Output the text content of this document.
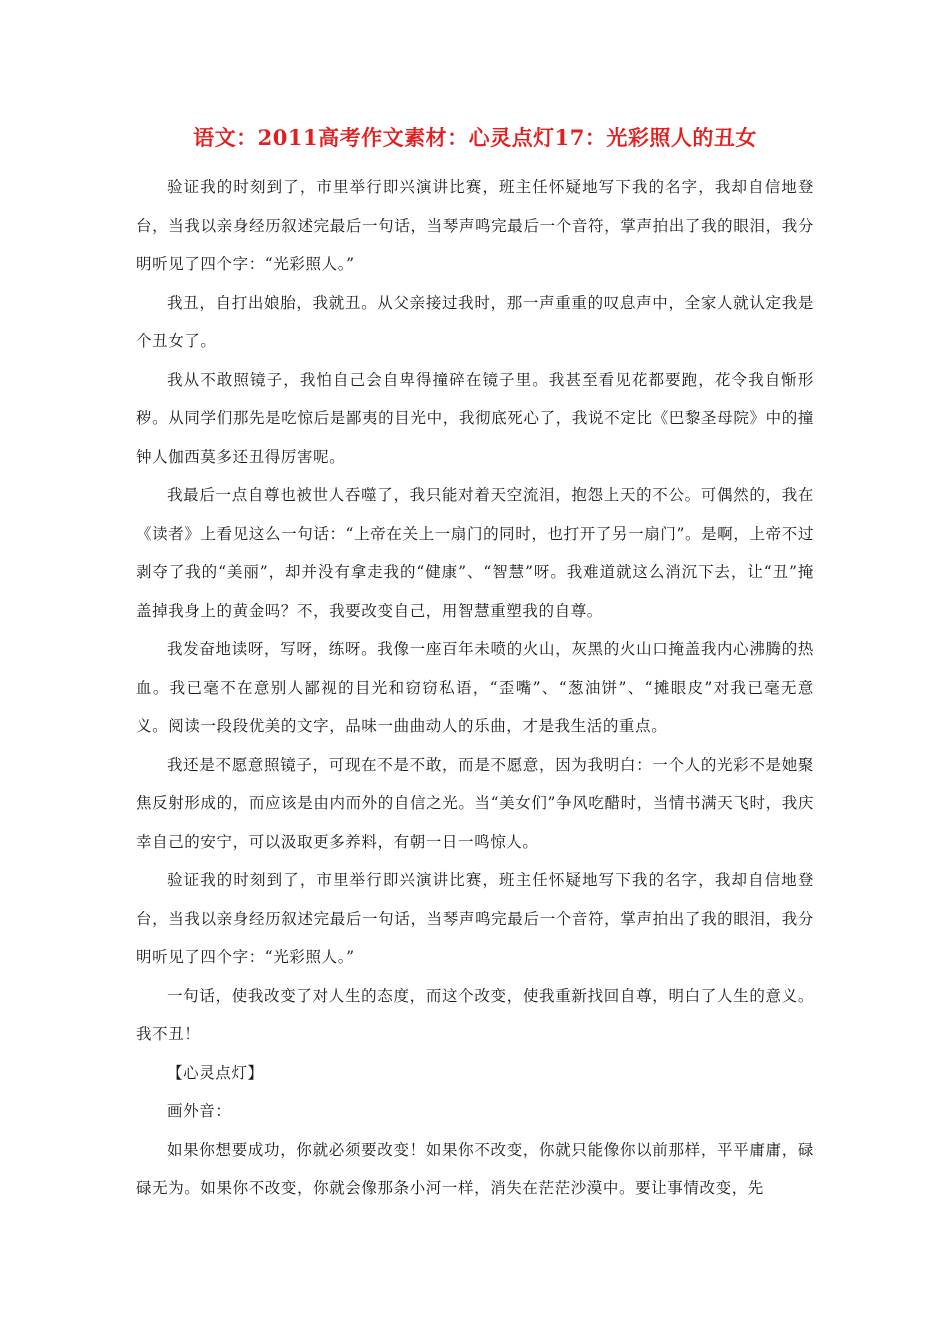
语文：2011高考作文素材：心灵点灯17：光彩照人的丑女

验证我的时刻到了，市里举行即兴演讲比赛，班主任怀疑地写下我的名字，我却自信地登台，当我以亲身经历叙述完最后一句话，当琴声鸣完最后一个音符，掌声拍出了我的眼泪，我分明听见了四个字：“光彩照人。”

我丑，自打出娘胎，我就丑。从父亲接过我时，那一声重重的叹息声中，全家人就认定我是个丑女了。

我从不敢照镜子，我怕自己会自卑得撞碎在镜子里。我甚至看见花都要跑，花令我自惭形秽。从同学们那先是吃惊后是鄙夷的目光中，我彻底死心了，我说不定比《巴黎圣母院》中的撞钟人伽西莫多还丑得厉害呢。

我最后一点自尊也被世人吞噬了，我只能对着天空流泪，抱怨上天的不公。可偶然的，我在《读者》上看见这么一句话：“上帝在关上一扇门的同时，也打开了另一扇门”。是啊，上帝不过剥夺了我的“美丽”，却并没有拿走我的“健康”、“智慧”呀。我难道就这么消沉下去，让“丑”掩盖掉我身上的黄金吗？不，我要改变自己，用智慧重塑我的自尊。

我发奋地读呀，写呀，练呀。我像一座百年未喷的火山，灰黑的火山口掩盖我内心沸腾的热血。我已毫不在意别人鄙视的目光和窃窃私语，“歪嘴”、“葱油饼”、“摊眼皮”对我已毫无意义。阅读一段段优美的文字，品味一曲曲动人的乐曲，才是我生活的重点。

我还是不愿意照镜子，可现在不是不敢，而是不愿意，因为我明白：一个人的光彩不是她聚焦反射形成的，而应该是由内而外的自信之光。当“美女们”争风吃醋时，当情书满天飞时，我庆幸自己的安宁，可以汲取更多养料，有朝一日一鸣惊人。

验证我的时刻到了，市里举行即兴演讲比赛，班主任怀疑地写下我的名字，我却自信地登台，当我以亲身经历叙述完最后一句话，当琴声鸣完最后一个音符，掌声拍出了我的眼泪，我分明听见了四个字：“光彩照人。”

一句话，使我改变了对人生的态度，而这个改变，使我重新找回自尊，明白了人生的意义。我不丑！

【心灵点灯】

画外音：

如果你想要成功，你就必须要改变！如果你不改变，你就只能像你以前那样，平平庸庸，碌碌无为。如果你不改变，你就会像那条小河一样，消失在茫茫沙漠中。要让事情改变，先
